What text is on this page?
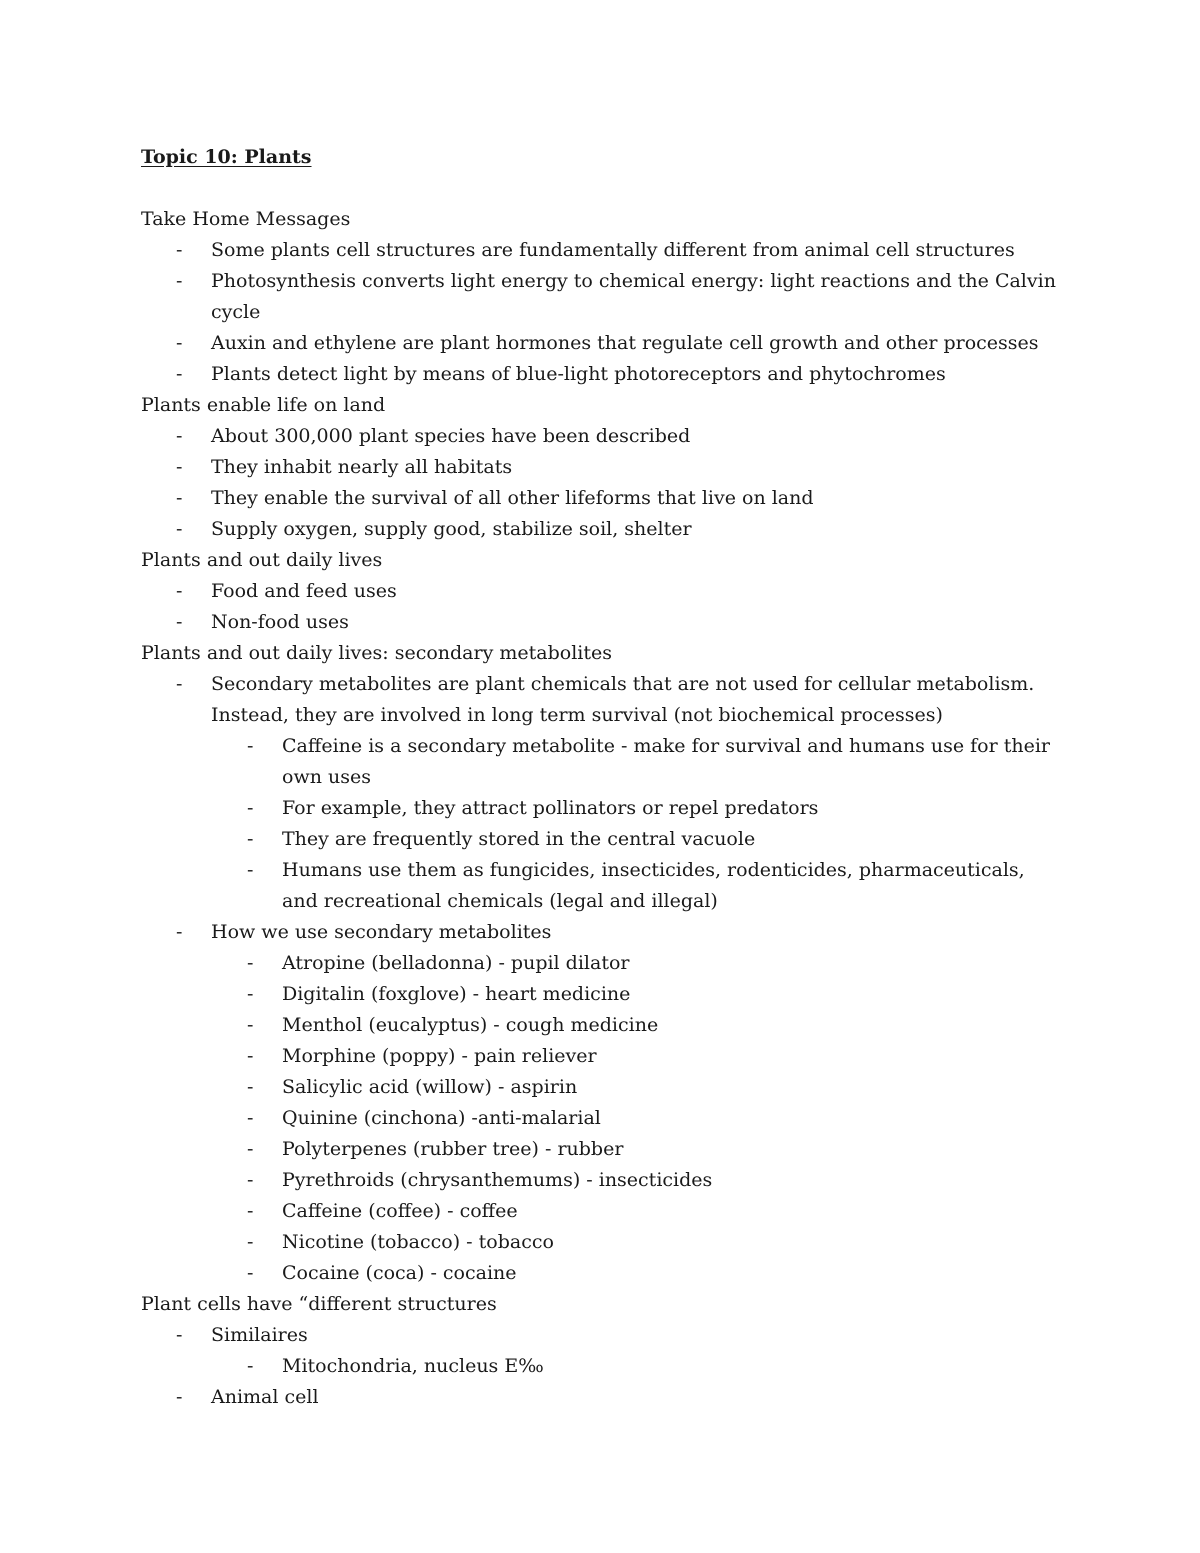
Topic 10: Plants

Take Home Messages

- Some plants cell structures are fundamentally different from animal cell structures
- Photosynthesis converts light energy to chemical energy: light reactions and the Calvin cycle
- Auxin and ethylene are plant hormones that regulate cell growth and other processes
- Plants detect light by means of blue-light photoreceptors and phytochromes

Plants enable life on land

- About 300,000 plant species have been described
- They inhabit nearly all habitats
- They enable the survival of all other lifeforms that live on land
- Supply oxygen, supply good, stabilize soil, shelter

Plants and out daily lives

- Food and feed uses
- Non-food uses

Plants and out daily lives: secondary metabolites

- Secondary metabolites are plant chemicals that are not used for cellular metabolism. Instead, they are involved in long term survival (not biochemical processes)
- Caffeine is a secondary metabolite - make for survival and humans use for their own uses
- For example, they attract pollinators or repel predators
- They are frequently stored in the central vacuole
- Humans use them as fungicides, insecticides, rodenticides, pharmaceuticals, and recreational chemicals (legal and illegal)
- How we use secondary metabolites
- Atropine (belladonna) - pupil dilator
- Digitalin (foxglove) - heart medicine
- Menthol (eucalyptus) - cough medicine
- Morphine (poppy) - pain reliever
- Salicylic acid (willow) - aspirin
- Quinine (cinchona) -anti-malarial
- Polyterpenes (rubber tree) - rubber
- Pyrethroids (chrysanthemums) - insecticides
- Caffeine (coffee) - coffee
- Nicotine (tobacco) - tobacco
- Cocaine (coca) - cocaine

Plant cells have “different structures

- Similaires
- Mitochondria, nucleus E‰
- Animal cell
